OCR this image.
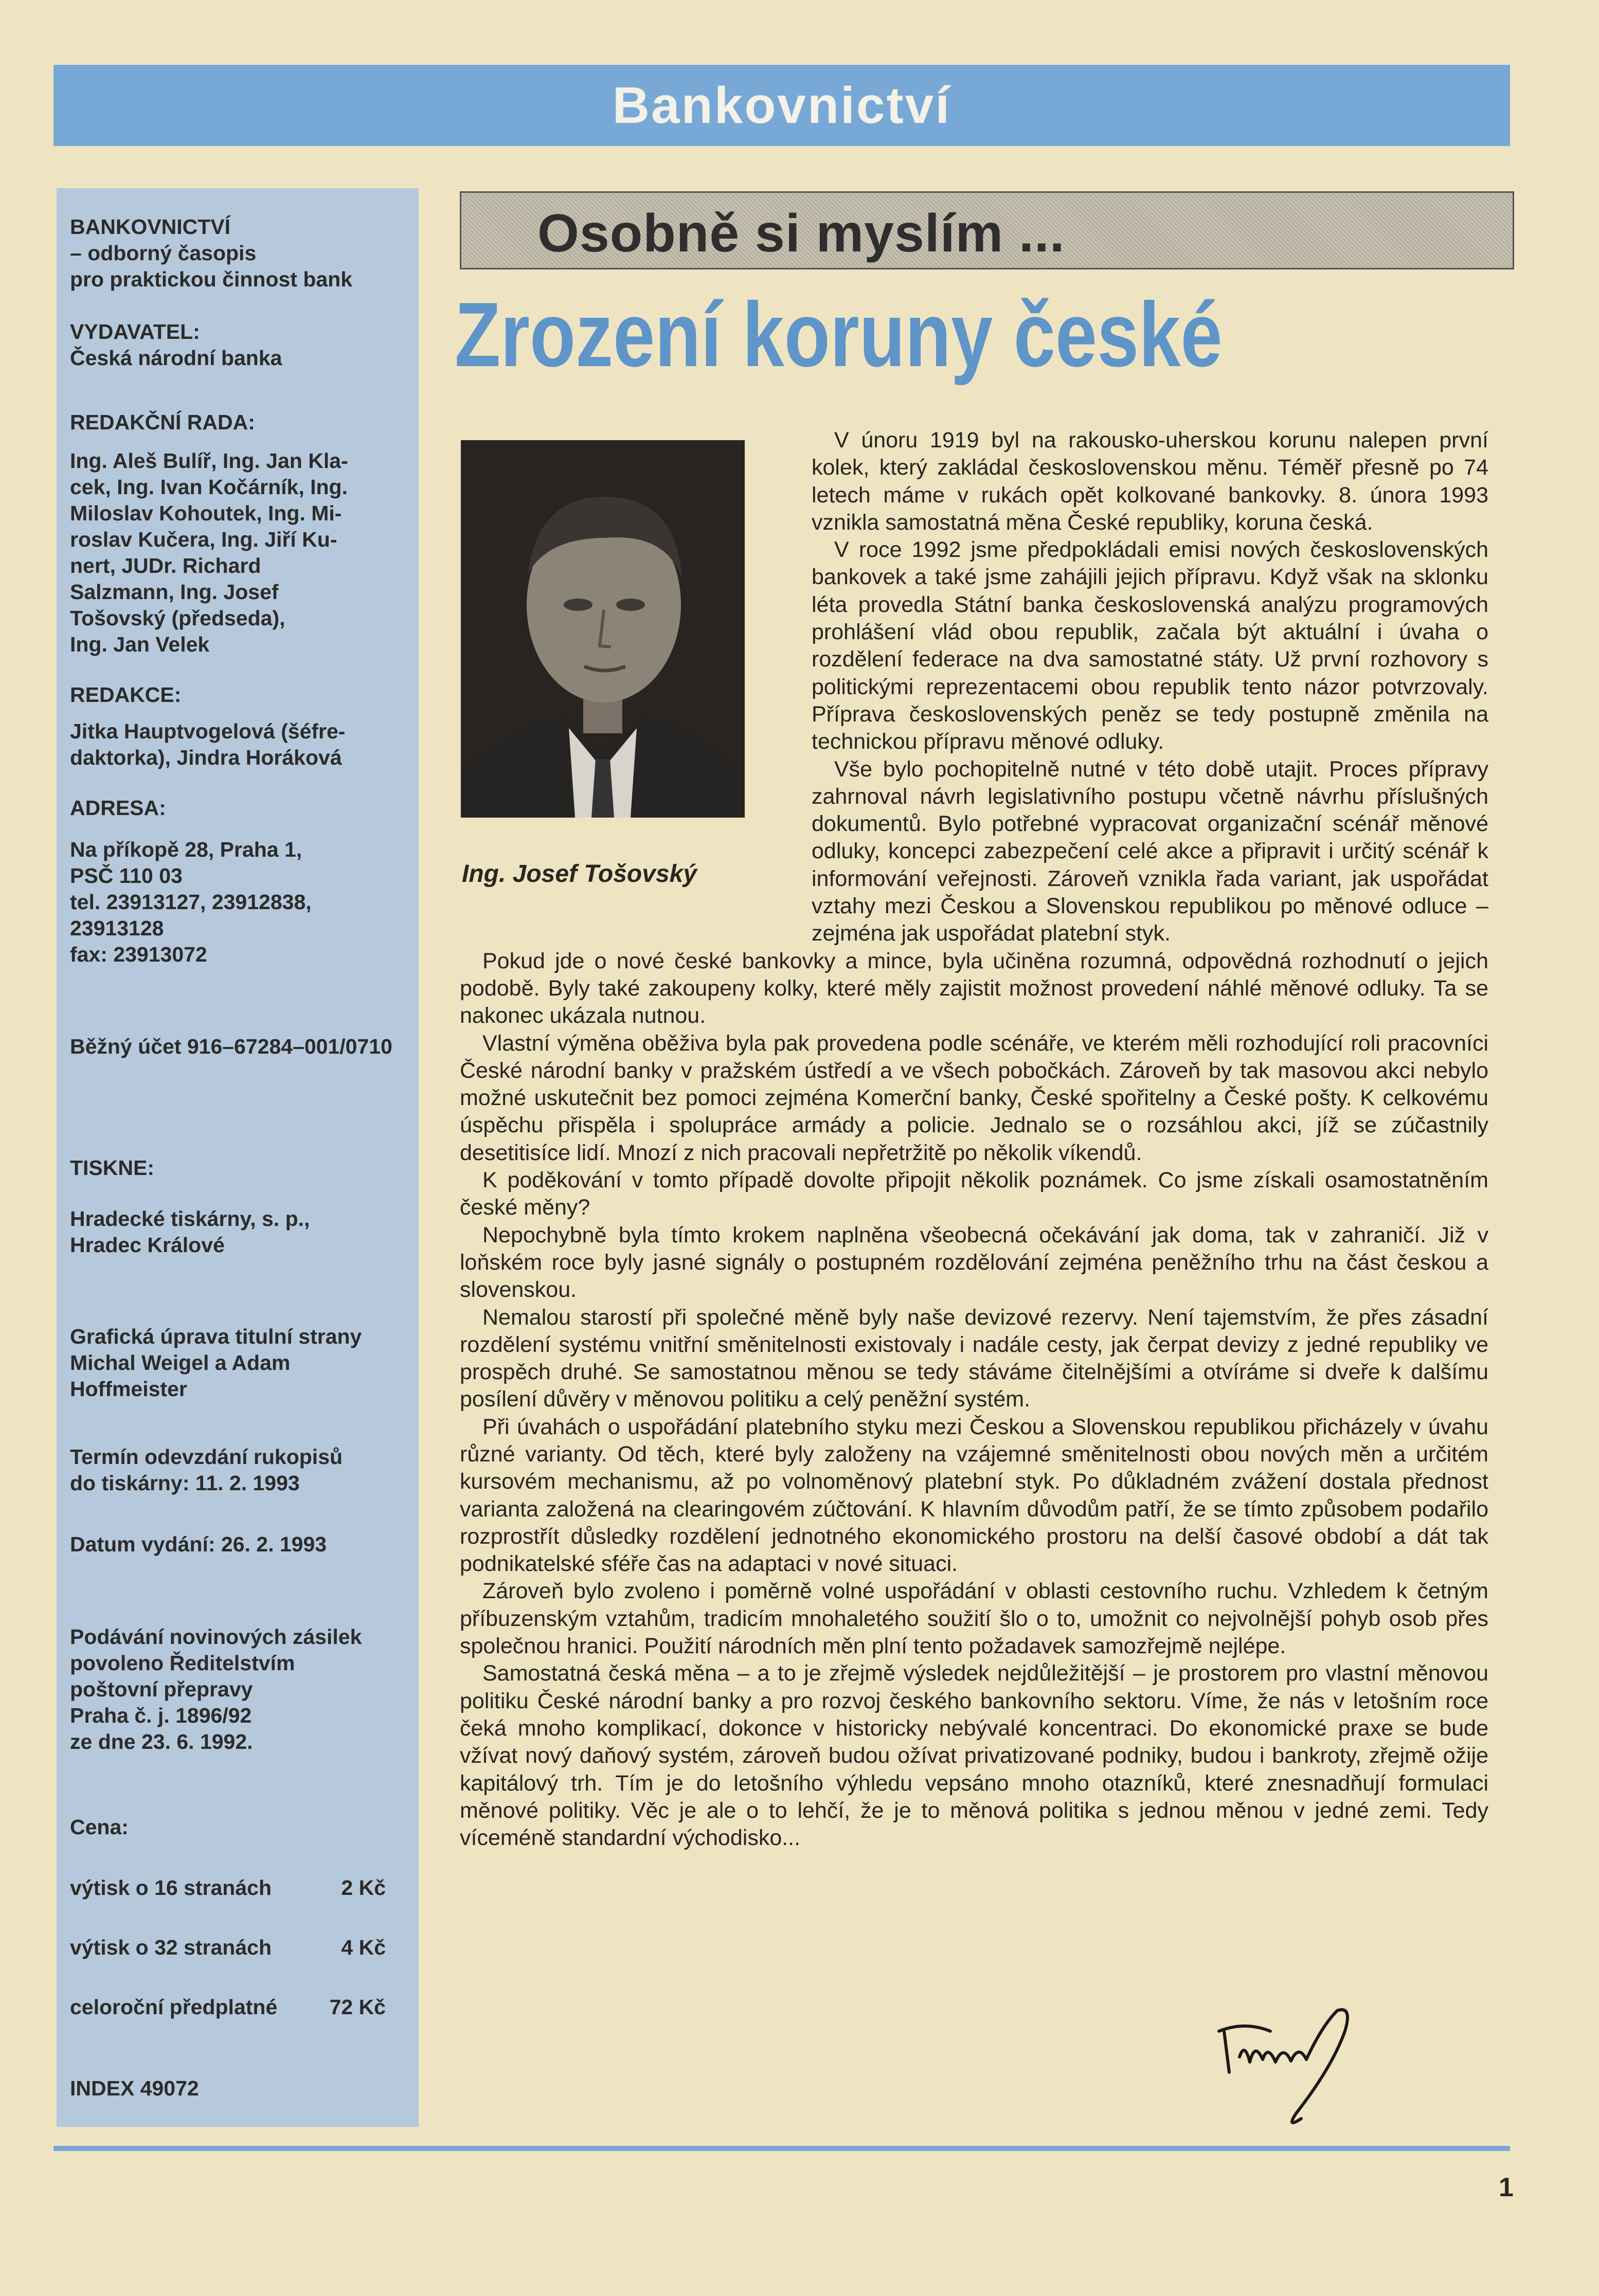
Bankovnictví
BANKOVNICTVÍ
– odborný časopis
pro praktickou činnost bank
VYDAVATEL:
Česká národní banka
REDAKČNÍ RADA:
Ing. Aleš Bulíř, Ing. Jan Kla-
cek, Ing. Ivan Kočárník, Ing.
Miloslav Kohoutek, Ing. Mi-
roslav Kučera, Ing. Jiří Ku-
nert, JUDr. Richard
Salzmann, Ing. Josef
Tošovský (předseda),
Ing. Jan Velek
REDAKCE:
Jitka Hauptvogelová (šéfre-
daktorka), Jindra Horáková
ADRESA:
Na příkopě 28, Praha 1,
PSČ 110 03
tel. 23913127, 23912838,
23913128
fax: 23913072
Běžný účet 916–67284–001/0710
TISKNE:
Hradecké tiskárny, s. p.,
Hradec Králové
Grafická úprava titulní strany
Michal Weigel a Adam
Hoffmeister
Termín odevzdání rukopisů
do tiskárny: 11. 2. 1993
Datum vydání: 26. 2. 1993
Podávání novinových zásilek
povoleno Ředitelstvím
poštovní přepravy
Praha č. j. 1896/92
ze dne 23. 6. 1992.
Cena:
výtisk o 16 stranách	2 Kč
výtisk o 32 stranách	4 Kč
celoroční předplatné 72 Kč
INDEX 49072
Osobně si myslím ...
Zrození koruny české

V únoru 1919 byl na rakousko-uherskou korunu nalepen první kolek, který zakládal československou měnu. Téměř přesně po 74 letech máme v rukách opět kolkované bankovky. 8. února 1993 vznikla samostatná měna České republiky, koruna česká.

V roce 1992 jsme předpokládali emisi nových československých bankovek a také jsme zahájili jejich přípravu. Když však na sklonku léta provedla Státní banka československá analýzu programových prohlášení vlád obou republik, začala být aktuální i úvaha o rozdělení federace na dva samostatné státy. Už první rozhovory s politickými reprezentacemi obou republik tento názor potvrzovaly. Příprava československých peněz se tedy postupně změnila na technickou přípravu měnové odluky.

Vše bylo pochopitelně nutné v této době utajit. Proces přípravy zahrnoval návrh legislativního postupu včetně návrhu příslušných dokumentů. Bylo potřebné vypracovat organizační scénář měnové odluky, koncepci zabezpečení celé akce a připravit i určitý scénář k informování veřejnosti. Zároveň vznikla řada variant, jak uspořádat vztahy mezi Českou a Slovenskou republikou po měnové odluce – zejména jak uspořádat platební styk.

Pokud jde o nové české bankovky a mince, byla učiněna rozumná, odpovědná rozhodnutí o jejich podobě. Byly také zakoupeny kolky, které měly zajistit možnost provedení náhlé měnové odluky. Ta se nakonec ukázala nutnou.

Vlastní výměna oběživa byla pak provedena podle scénáře, ve kterém měli rozhodující roli pracovníci České národní banky v pražském ústředí a ve všech pobočkách. Zároveň by tak masovou akci nebylo možné uskutečnit bez pomoci zejména Komerční banky, České spořitelny a České pošty. K celkovému úspěchu přispěla i spolupráce armády a policie. Jednalo se o rozsáhlou akci, jíž se zúčastnily desetitisíce lidí. Mnozí z nich pracovali nepřetržitě po několik víkendů.

K poděkování v tomto případě dovolte připojit několik poznámek. Co jsme získali osamostatněním české měny?

Nepochybně byla tímto krokem naplněna všeobecná očekávání jak doma, tak v zahraničí. Již v loňském roce byly jasné signály o postupném rozdělování zejména peněžního trhu na část českou a slovenskou.

Nemalou starostí při společné měně byly naše devizové rezervy. Není tajemstvím, že přes zásadní rozdělení systému vnitřní směnitelnosti existovaly i nadále cesty, jak čerpat devizy z jedné republiky ve prospěch druhé. Se samostatnou měnou se tedy stáváme čitelnějšími a otvíráme si dveře k dalšímu posílení důvěry v měnovou politiku a celý peněžní systém.

Při úvahách o uspořádání platebního styku mezi Českou a Slovenskou republikou přicházely v úvahu různé varianty. Od těch, které byly založeny na vzájemné směnitelnosti obou nových měn a určitém kursovém mechanismu, až po volnoměnový platební styk. Po důkladném zvážení dostala přednost varianta založená na clearingovém zúčtování. K hlavním důvodům patří, že se tímto způsobem podařilo rozprostřít důsledky rozdělení jednotného ekonomického prostoru na delší časové období a dát tak podnikatelské sféře čas na adaptaci v nové situaci.

Zároveň bylo zvoleno i poměrně volné uspořádání v oblasti cestovního ruchu. Vzhledem k četným příbuzenským vztahům, tradicím mnohaletého soužití šlo o to, umožnit co nejvolnější pohyb osob přes společnou hranici. Použití národních měn plní tento požadavek samozřejmě nejlépe.

Samostatná česká měna – a to je zřejmě výsledek nejdůležitější – je prostorem pro vlastní měnovou politiku České národní banky a pro rozvoj českého bankovního sektoru. Víme, že nás v letošním roce čeká mnoho komplikací, dokonce v historicky nebývalé koncentraci. Do ekonomické praxe se bude vžívat nový daňový systém, zároveň budou ožívat privatizované podniky, budou i bankroty, zřejmě ožije kapitálový trh. Tím je do letošního výhledu vepsáno mnoho otazníků, které znesnadňují formulaci měnové politiky. Věc je ale o to lehčí, že je to měnová politika s jednou měnou v jedné zemi. Tedy víceméně standardní východisko...

Ing. Josef Tošovský
1
